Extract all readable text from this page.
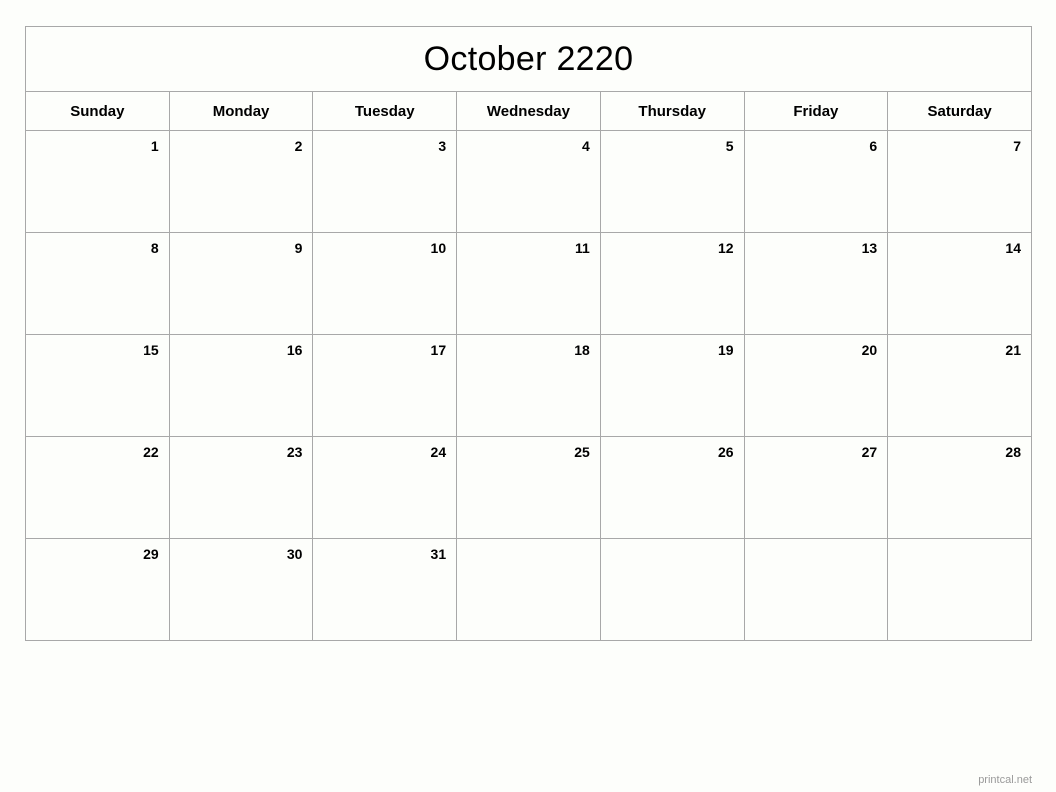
October 2220						
Sunday	Monday	Tuesday	Wednesday	Thursday	Friday	Saturday

1	2	3	4	5	6	7

8	9	10	11	12	13	14

15	16	17	18	19	20	21

22	23	24	25	26	27	28

29	30	31				

printcal.net
